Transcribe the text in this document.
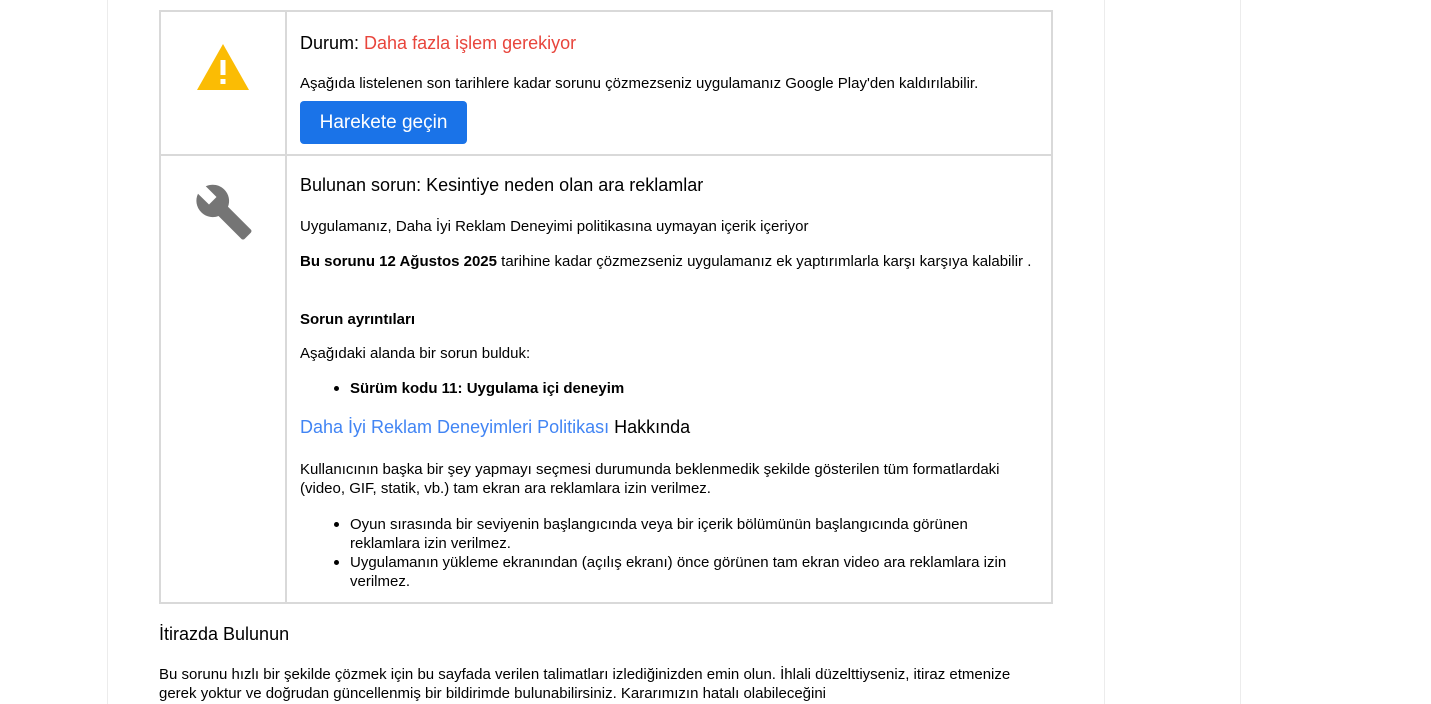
Durum: Daha fazla işlem gerekiyor
Aşağıda listelenen son tarihlere kadar sorunu çözmezseniz uygulamanız Google Play'den kaldırılabilir.
Harekete geçin
Bulunan sorun: Kesintiye neden olan ara reklamlar
Uygulamanız, Daha İyi Reklam Deneyimi politikasına uymayan içerik içeriyor
Bu sorunu 12 Ağustos 2025 tarihine kadar çözmezseniz uygulamanız ek yaptırımlarla karşı karşıya kalabilir .
Sorun ayrıntıları
Aşağıdaki alanda bir sorun bulduk:
Sürüm kodu 11: Uygulama içi deneyim
Daha İyi Reklam Deneyimleri Politikası Hakkında
Kullanıcının başka bir şey yapmayı seçmesi durumunda beklenmedik şekilde gösterilen tüm formatlardaki (video, GIF, statik, vb.) tam ekran ara reklamlara izin verilmez.
Oyun sırasında bir seviyenin başlangıcında veya bir içerik bölümünün başlangıcında görünen reklamlara izin verilmez.
Uygulamanın yükleme ekranından (açılış ekranı) önce görünen tam ekran video ara reklamlara izin verilmez.
İtirazda Bulunun
Bu sorunu hızlı bir şekilde çözmek için bu sayfada verilen talimatları izlediğinizden emin olun. İhlali düzelttiyseniz, itiraz etmenize gerek yoktur ve doğrudan güncellenmiş bir bildirimde bulunabilirsiniz. Kararımızın hatalı olabileceğini
